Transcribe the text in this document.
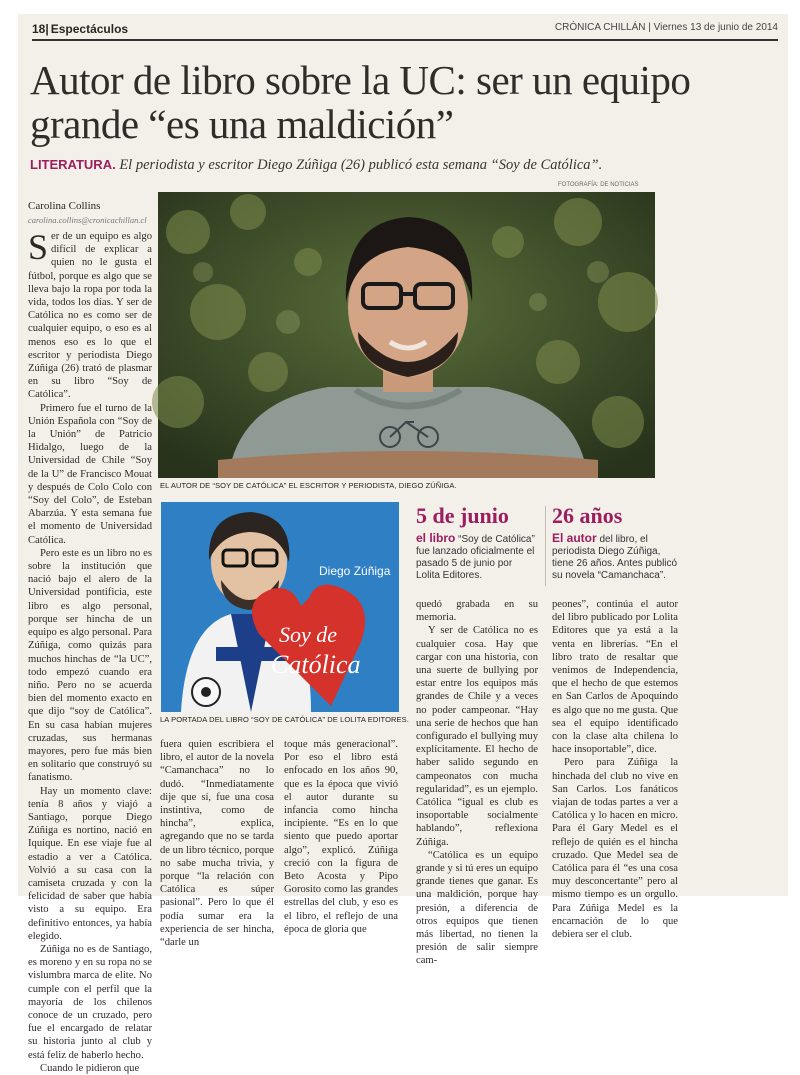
18| Espectáculos	CRÓNICA CHILLÁN | Viernes 13 de junio de 2014
Autor de libro sobre la UC: ser un equipo grande “es una maldición”
LITERATURA. El periodista y escritor Diego Zúñiga (26) publicó esta semana “Soy de Católica”.
Carolina Collins
carolina.collins@cronicachillan.cl

Ser de un equipo es algo difícil de explicar a quien no le gusta el fútbol, porque es algo que se lleva bajo la ropa por toda la vida, todos los días. Y ser de Católica no es como ser de cualquier equipo, o eso es al menos eso es lo que el escritor y periodista Diego Zúñiga (26) trató de plasmar en su libro “Soy de Católica”.

Primero fue el turno de la Unión Española con “Soy de la Unión” de Patricio Hidalgo, luego de la Universidad de Chile “Soy de la U” de Francisco Mouat y después de Colo Colo con “Soy del Colo”, de Esteban Abarzúa. Y esta semana fue el momento de Universidad Católica.

Pero este es un libro no es sobre la institución que nació bajo el alero de la Universidad pontificia, este libro es algo personal, porque ser hincha de un equipo es algo personal. Para Zúñiga, como quizás para muchos hinchas de “la UC”, todo empezó cuando era niño. Pero no se acuerda bien del momento exacto en que dijo “soy de Católica”. En su casa habían mujeres cruzadas, sus hermanas mayores, pero fue más bien en solitario que construyó su fanatismo.

Hay un momento clave: tenía 8 años y viajó a Santiago, porque Diego Zúñiga es nortino, nació en Iquique. En ese viaje fue al estadio a ver a Católica. Volvió a su casa con la camiseta cruzada y con la felicidad de saber que había visto a su equipo. Era definitivo entonces, ya había elegido.

Zúñiga no es de Santiago, es moreno y en su ropa no se vislumbra marca de elite. No cumple con el perfil que la mayoría de los chilenos conoce de un cruzado, pero fue el encargado de relatar su historia junto al club y está feliz de haberlo hecho.

Cuando le pidieron que

FOTOGRAFÍA: DE NOTICIAS
EL AUTOR DE “SOY DE CATÓLICA” EL ESCRITOR Y PERIODISTA, DIEGO ZÚÑIGA.
Diego Zúñiga
Soy de
Católica
LA PORTADA DEL LIBRO “SOY DE CATÓLICA” DE LOLITA EDITORES.
5 de junio
el libro “Soy de Católica” fue lanzado oficialmente el pasado 5 de junio por Lolita Editores.
26 años
El autor del libro, el periodista Diego Zúñiga, tiene 26 años. Antes publicó su novela “Camanchaca”.

fuera quien escribiera el libro, el autor de la novela “Camanchaca” no lo dudó. “Inmediatamente dije que sí, fue una cosa instintiva, como de hincha”, explica, agregando que no se tarda de un libro técnico, porque no sabe mucha trivia, y porque “la relación con Católica es súper pasional”. Pero lo que él podía sumar era la experiencia de ser hincha, “darle un

toque más generacional”. Por eso el libro está enfocado en los años 90, que es la época que vivió el autor durante su infancia como hincha incipiente. “Es en lo que siento que puedo aportar algo”, explicó. Zúñiga creció con la figura de Beto Acosta y Pipo Gorosito como las grandes estrellas del club, y eso es el libro, el reflejo de una época de gloria que

quedó grabada en su memoria.

Y ser de Católica no es cualquier cosa. Hay que cargar con una historia, con una suerte de bullying por estar entre los equipos más grandes de Chile y a veces no poder campeonar. “Hay una serie de hechos que han configurado el bullying muy explícitamente. El hecho de haber salido segundo en campeonatos con mucha regularidad”, es un ejemplo. Católica “igual es club es insoportable socialmente hablando”, reflexiona Zúñiga.

“Católica es un equipo grande y si tú eres un equipo grande tienes que ganar. Es una maldición, porque hay presión, a diferencia de otros equipos que tienen más libertad, no tienen la presión de salir siempre cam-

peones”, continúa el autor del libro publicado por Lolita Editores que ya está a la venta en librerías. “En el libro trato de resaltar que venimos de Independencia, que el hecho de que estemos en San Carlos de Apoquindo es algo que no me gusta. Que sea el equipo identificado con la clase alta chilena lo hace insoportable”, dice.

Pero para Zúñiga la hinchada del club no vive en San Carlos. Los fanáticos viajan de todas partes a ver a Católica y lo hacen en micro. Para él Gary Medel es el reflejo de quién es el hincha cruzado. Que Medel sea de Católica para él “es una cosa muy desconcertante” pero al mismo tiempo es un orgullo. Para Zúñiga Medel es la encarnación de lo que debiera ser el club.
